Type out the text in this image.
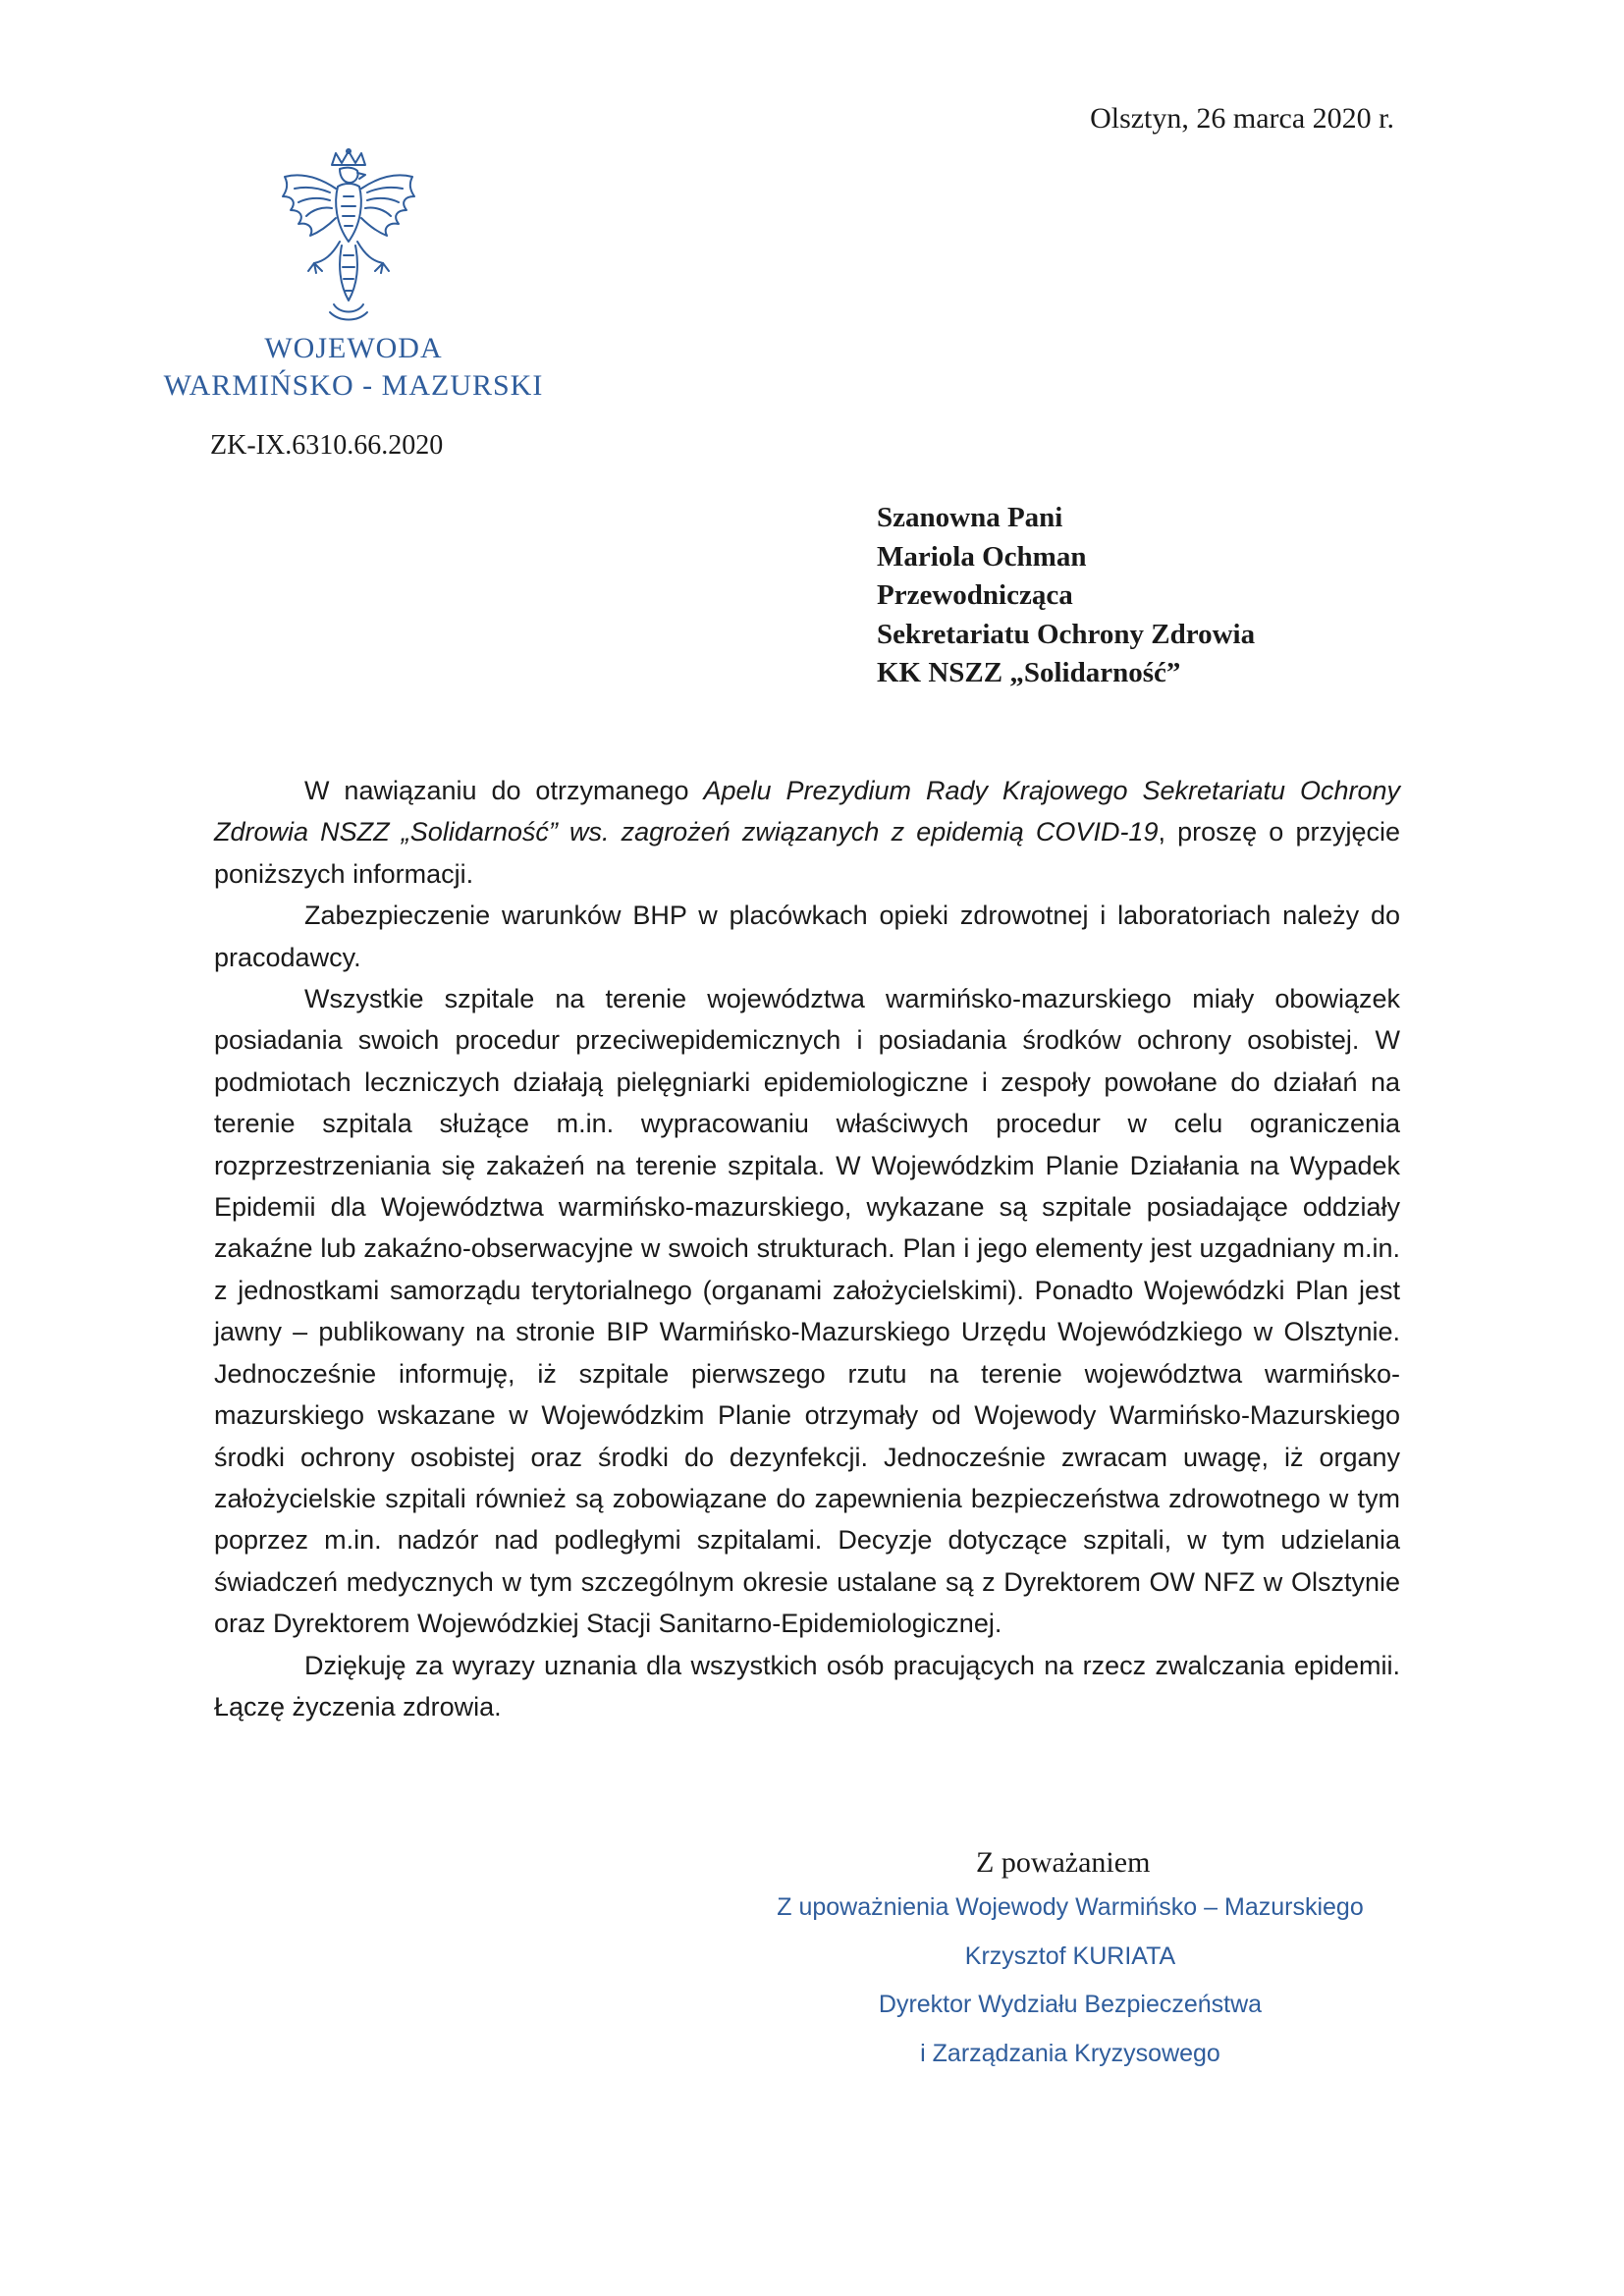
Olsztyn, 26 marca 2020 r.
WOJEWODA
WARMIŃSKO - MAZURSKI
ZK-IX.6310.66.2020
Szanowna Pani
Mariola Ochman
Przewodnicząca
Sekretariatu Ochrony Zdrowia
KK NSZZ „Solidarność”

W nawiązaniu do otrzymanego Apelu Prezydium Rady Krajowego Sekretariatu Ochrony Zdrowia NSZZ „Solidarność” ws. zagrożeń związanych z epidemią COVID-19, proszę o przyjęcie poniższych informacji.

Zabezpieczenie warunków BHP w placówkach opieki zdrowotnej i laboratoriach należy do pracodawcy.

Wszystkie szpitale na terenie województwa warmińsko-mazurskiego miały obowiązek posiadania swoich procedur przeciwepidemicznych i posiadania środków ochrony osobistej. W podmiotach leczniczych działają pielęgniarki epidemiologiczne i zespoły powołane do działań na terenie szpitala służące m.in. wypracowaniu właściwych procedur w celu ograniczenia rozprzestrzeniania się zakażeń na terenie szpitala. W Wojewódzkim Planie Działania na Wypadek Epidemii dla Województwa warmińsko-mazurskiego, wykazane są szpitale posiadające oddziały zakaźne lub zakaźno-obserwacyjne w swoich strukturach. Plan i jego elementy jest uzgadniany m.in. z jednostkami samorządu terytorialnego (organami założycielskimi). Ponadto Wojewódzki Plan jest jawny – publikowany na stronie BIP Warmińsko-Mazurskiego Urzędu Wojewódzkiego w Olsztynie. Jednocześnie informuję, iż szpitale pierwszego rzutu na terenie województwa warmińsko-mazurskiego wskazane w Wojewódzkim Planie otrzymały od Wojewody Warmińsko-Mazurskiego środki ochrony osobistej oraz środki do dezynfekcji. Jednocześnie zwracam uwagę, iż organy założycielskie szpitali również są zobowiązane do zapewnienia bezpieczeństwa zdrowotnego w tym poprzez m.in. nadzór nad podległymi szpitalami. Decyzje dotyczące szpitali, w tym udzielania świadczeń medycznych w tym szczególnym okresie ustalane są z Dyrektorem OW NFZ w Olsztynie oraz Dyrektorem Wojewódzkiej Stacji Sanitarno-Epidemiologicznej.

Dziękuję za wyrazy uznania dla wszystkich osób pracujących na rzecz zwalczania epidemii. Łączę życzenia zdrowia.

Z poważaniem
Z upoważnienia Wojewody Warmińsko – Mazurskiego
Krzysztof KURIATA
Dyrektor Wydziału Bezpieczeństwa
i Zarządzania Kryzysowego
